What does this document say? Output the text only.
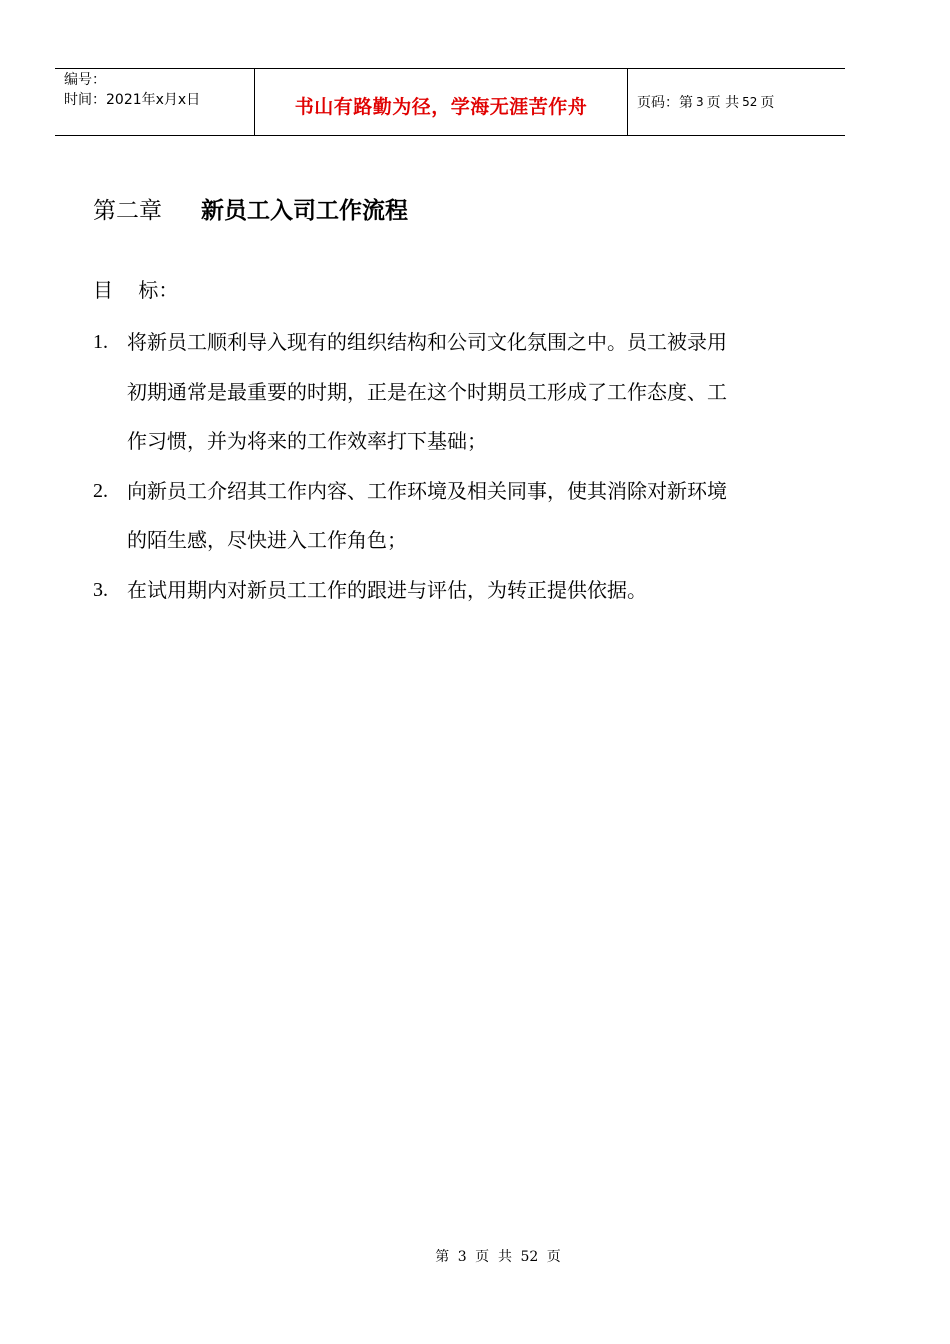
编号：
时间：2021年x月x日	书山有路勤为径，学海无涯苦作舟	页码：第 3 页 共 52 页
第二章 新员工入司工作流程
目    标：
1. 将新员工顺利导入现有的组织结构和公司文化氛围之中。员工被录用
初期通常是最重要的时期，正是在这个时期员工形成了工作态度、工
作习惯，并为将来的工作效率打下基础；
2. 向新员工介绍其工作内容、工作环境及相关同事，使其消除对新环境
的陌生感，尽快进入工作角色；
3. 在试用期内对新员工工作的跟进与评估，为转正提供依据。
第 3 页  共 52 页
